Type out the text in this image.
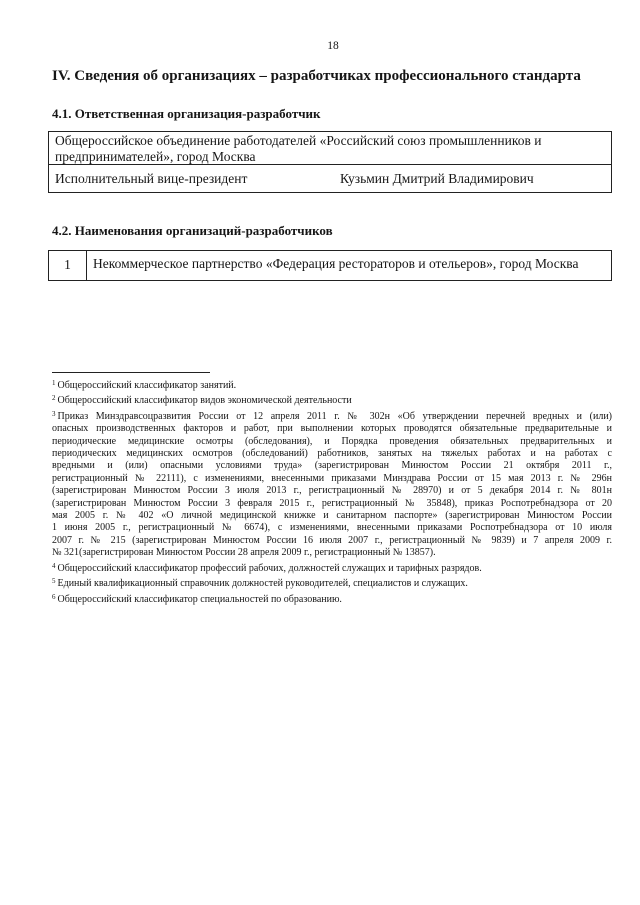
18
IV. Сведения об организациях – разработчиках профессионального стандарта
4.1. Ответственная организация-разработчик
Общероссийское объединение работодателей «Российский союз промышленников и
предпринимателей», город Москва
Исполнительный вице-президент	Кузьмин Дмитрий Владимирович
4.2. Наименования организаций-разработчиков
1	Некоммерческое партнерство «Федерация рестораторов и отельеров», город Москва
$^1$ Общероссийский классификатор занятий.
$^2$ Общероссийский классификатор видов экономической деятельности
$^3$ Приказ Минздравсоцразвития России от 12 апреля 2011 г. № 302н «Об утверждении перечней вредных и (или)
опасных производственных факторов и работ, при выполнении которых проводятся обязательные предварительные и
периодические медицинские осмотры (обследования), и Порядка проведения обязательных предварительных и
периодических медицинских осмотров (обследований) работников, занятых на тяжелых работах и на работах с
вредными и (или) опасными условиями труда» (зарегистрирован Минюстом России 21 октября 2011 г.,
регистрационный № 22111), с изменениями, внесенными приказами Минздрава России от 15 мая 2013 г. № 296н
(зарегистрирован Минюстом России 3 июля 2013 г., регистрационный № 28970) и от 5 декабря 2014 г. № 801н
(зарегистрирован Минюстом России 3 февраля 2015 г., регистрационный № 35848), приказ Роспотребнадзора от 20
мая 2005 г. № 402 «О личной медицинской книжке и санитарном паспорте» (зарегистрирован Минюстом России
1 июня 2005 г., регистрационный № 6674), с изменениями, внесенными приказами Роспотребнадзора от 10 июля
2007 г. № 215 (зарегистрирован Минюстом России 16 июля 2007 г., регистрационный № 9839) и 7 апреля 2009 г.
№ 321(зарегистрирован Минюстом России 28 апреля 2009 г., регистрационный № 13857).
$^4$ Общероссийский классификатор профессий рабочих, должностей служащих и тарифных разрядов.
$^5$ Единый квалификационный справочник должностей руководителей, специалистов и служащих.
$^6$ Общероссийский классификатор специальностей по образованию.
